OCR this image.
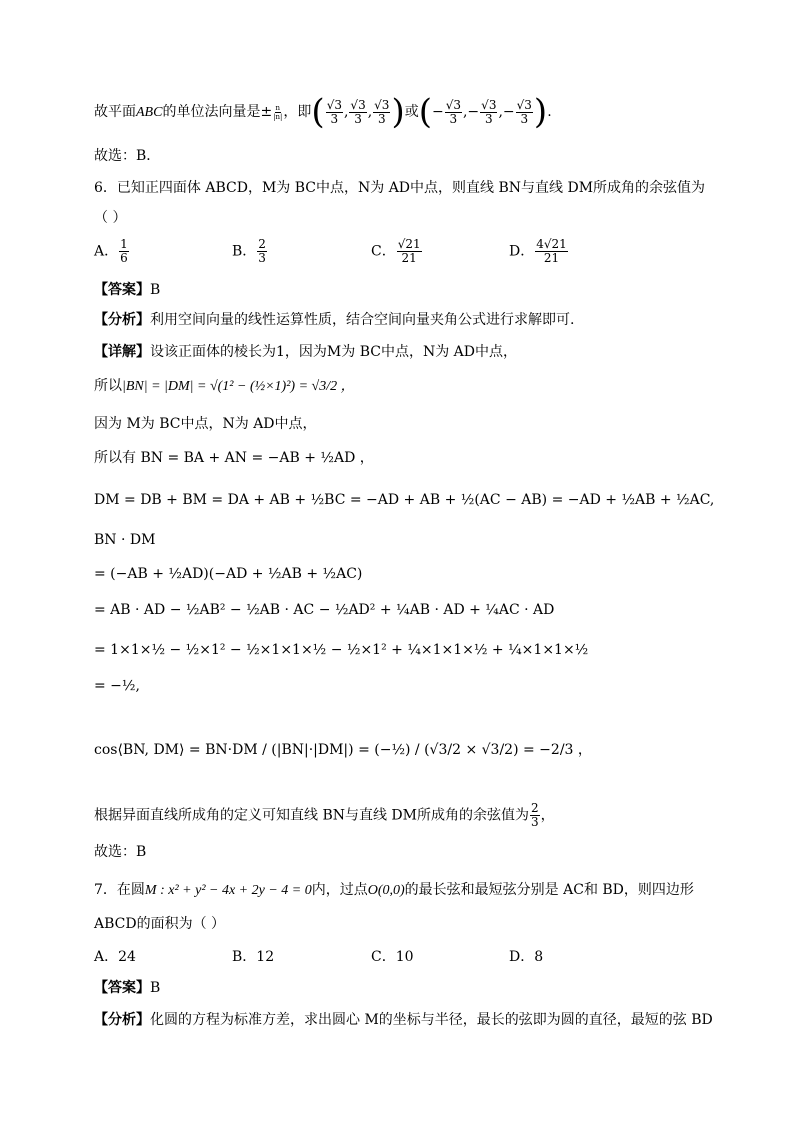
故平面ABC的单位法向量是± $\frac{n}{|n|}$ ，即( $\frac{√3}{3}$ , $\frac{√3}{3}$ , $\frac{√3}{3}$ )或(− $\frac{√3}{3}$ ,− $\frac{√3}{3}$ ,− $\frac{√3}{3}$ ).
故选：B．
6．已知正四面体 ABCD，M为 BC中点，N为 AD中点，则直线 BN与直线 DM所成角的余弦值为
（ ）
A． $\frac{1}{6}$	B． $\frac{2}{3}$	C． $\frac{√21}{21}$	D． $\frac{4√21}{21}$
【答案】B
【分析】利用空间向量的线性运算性质，结合空间向量夹角公式进行求解即可.
【详解】设该正面体的棱长为1，因为M为 BC中点，N为 AD中点，
所以|BN| = |DM| = √(1² − (½×1)²) = √3/2 ，
因为 M为 BC中点，N为 AD中点，
所以有 BN = BA + AN = −AB + ½AD ，
DM = DB + BM = DA + AB + ½BC = −AD + AB + ½(AC − AB) = −AD + ½AB + ½AC,
BN · DM
= (−AB + ½AD)(−AD + ½AB + ½AC)
= AB · AD − ½AB² − ½AB · AC − ½AD² + ¼AB · AD + ¼AC · AD
= 1×1×½ − ½×1² − ½×1×1×½ − ½×1² + ¼×1×1×½ + ¼×1×1×½
= −½,
cos⟨BN, DM⟩ = BN·DM / (|BN|·|DM|) = (−½) / (√3/2 × √3/2) = −2/3 ，
根据异面直线所成角的定义可知直线 BN与直线 DM所成角的余弦值为 $\frac{2}{3}$ ，
故选：B
7．在圆M : x² + y² − 4x + 2y − 4 = 0内，过点O(0,0)的最长弦和最短弦分别是 AC和 BD，则四边形
ABCD的面积为（ ）
A．24	B．12	C．10	D．8
【答案】B
【分析】化圆的方程为标准方差，求出圆心 M的坐标与半径，最长的弦即为圆的直径，最短的弦 BD
